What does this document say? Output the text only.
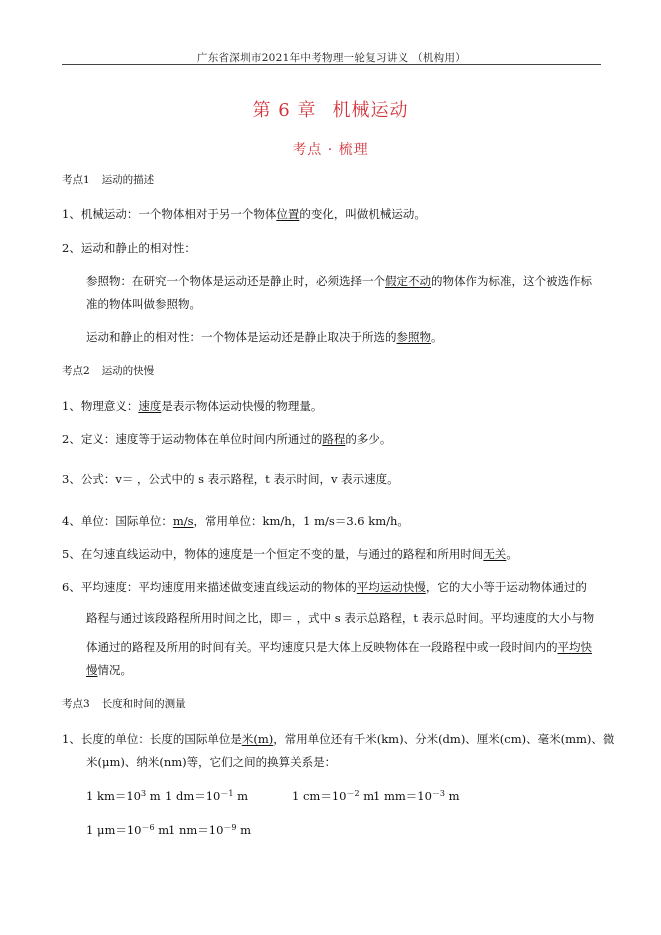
广东省深圳市2021年中考物理一轮复习讲义 （机构用）
第 6 章 机械运动
考点 · 梳理
考点1 运动的描述
1、机械运动：一个物体相对于另一个物体位置的变化，叫做机械运动。
2、运动和静止的相对性：
参照物：在研究一个物体是运动还是静止时，必须选择一个假定不动的物体作为标准，这个被选作标
准的物体叫做参照物。
运动和静止的相对性：一个物体是运动还是静止取决于所选的参照物。
考点2 运动的快慢
1、物理意义：速度是表示物体运动快慢的物理量。
2、定义：速度等于运动物体在单位时间内所通过的路程的多少。
3、公式：v＝ ，公式中的 s 表示路程，t 表示时间，v 表示速度。
4、单位：国际单位：m/s，常用单位：km/h，1 m/s＝3.6 km/h。
5、在匀速直线运动中，物体的速度是一个恒定不变的量，与通过的路程和所用时间无关。
6、平均速度：平均速度用来描述做变速直线运动的物体的平均运动快慢，它的大小等于运动物体通过的
路程与通过该段路程所用时间之比，即＝ ，式中 s 表示总路程，t 表示总时间。平均速度的大小与物
体通过的路程及所用的时间有关。平均速度只是大体上反映物体在一段路程中或一段时间内的平均快
慢情况。
考点3 长度和时间的测量
1、长度的单位：长度的国际单位是米(m)，常用单位还有千米(km)、分米(dm)、厘米(cm)、毫米(mm)、微
米(μm)、纳米(nm)等，它们之间的换算关系是：
1 $km=10^3$ m 1 $dm=10^{-1}$ m	1 $cm=10^{-2}$ m
1 $mm=10^{-3}$ m
1 $\mu m=10^{-6}$ m
1 $nm=10^{-9}$ m
